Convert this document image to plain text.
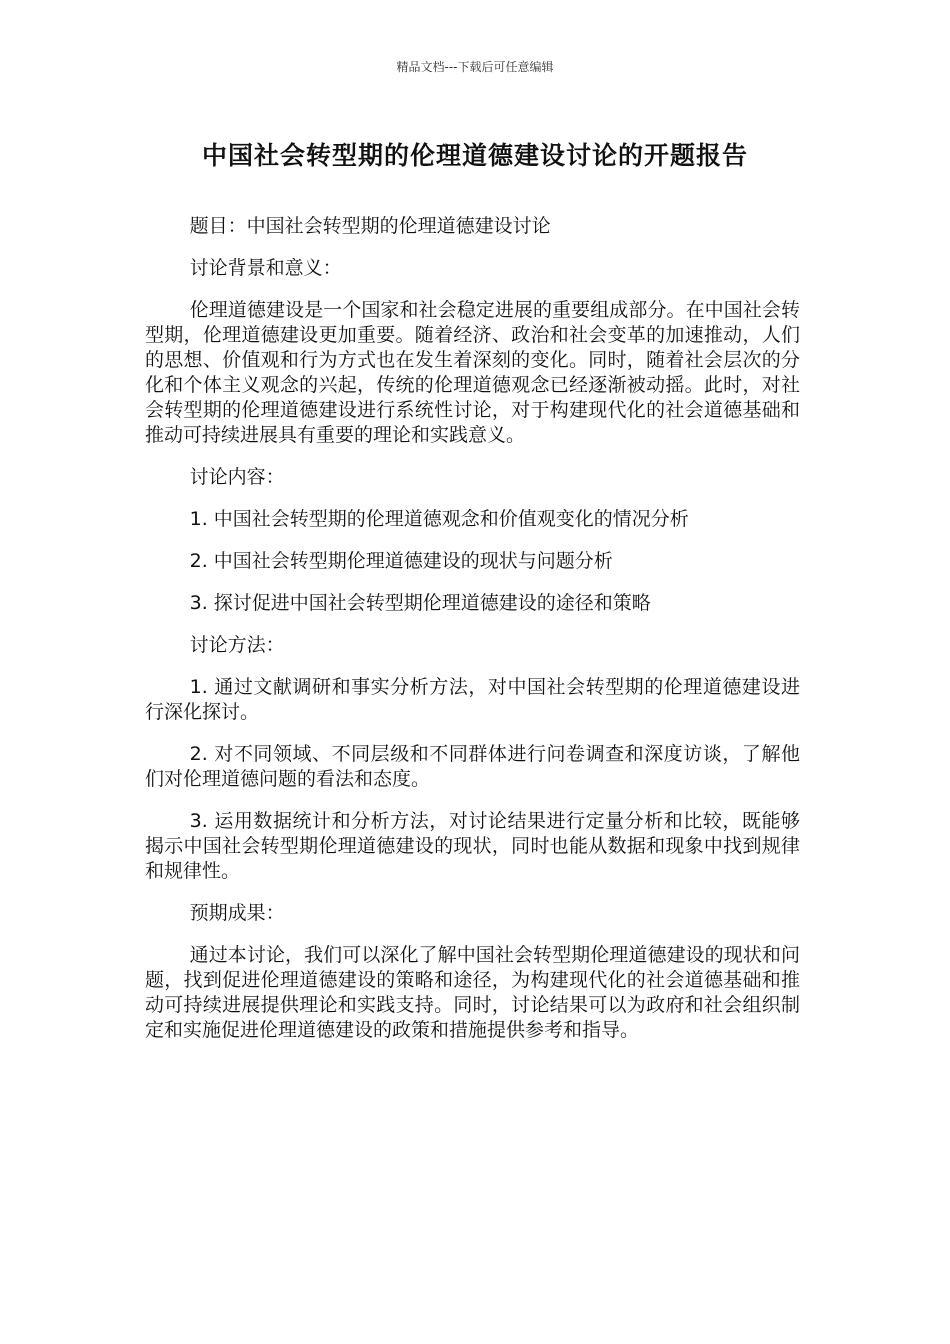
精品文档---下载后可任意编辑
中国社会转型期的伦理道德建设讨论的开题报告

题目：中国社会转型期的伦理道德建设讨论

讨论背景和意义：

伦理道德建设是一个国家和社会稳定进展的重要组成部分。在中国社会转型期，伦理道德建设更加重要。随着经济、政治和社会变革的加速推动，人们的思想、价值观和行为方式也在发生着深刻的变化。同时，随着社会层次的分化和个体主义观念的兴起，传统的伦理道德观念已经逐渐被动摇。此时，对社会转型期的伦理道德建设进行系统性讨论，对于构建现代化的社会道德基础和推动可持续进展具有重要的理论和实践意义。

讨论内容：

1. 中国社会转型期的伦理道德观念和价值观变化的情况分析

2. 中国社会转型期伦理道德建设的现状与问题分析

3. 探讨促进中国社会转型期伦理道德建设的途径和策略

讨论方法：

1. 通过文献调研和事实分析方法，对中国社会转型期的伦理道德建设进行深化探讨。

2. 对不同领域、不同层级和不同群体进行问卷调查和深度访谈，了解他们对伦理道德问题的看法和态度。

3. 运用数据统计和分析方法，对讨论结果进行定量分析和比较，既能够揭示中国社会转型期伦理道德建设的现状，同时也能从数据和现象中找到规律和规律性。

预期成果：

通过本讨论，我们可以深化了解中国社会转型期伦理道德建设的现状和问题，找到促进伦理道德建设的策略和途径，为构建现代化的社会道德基础和推动可持续进展提供理论和实践支持。同时，讨论结果可以为政府和社会组织制定和实施促进伦理道德建设的政策和措施提供参考和指导。
